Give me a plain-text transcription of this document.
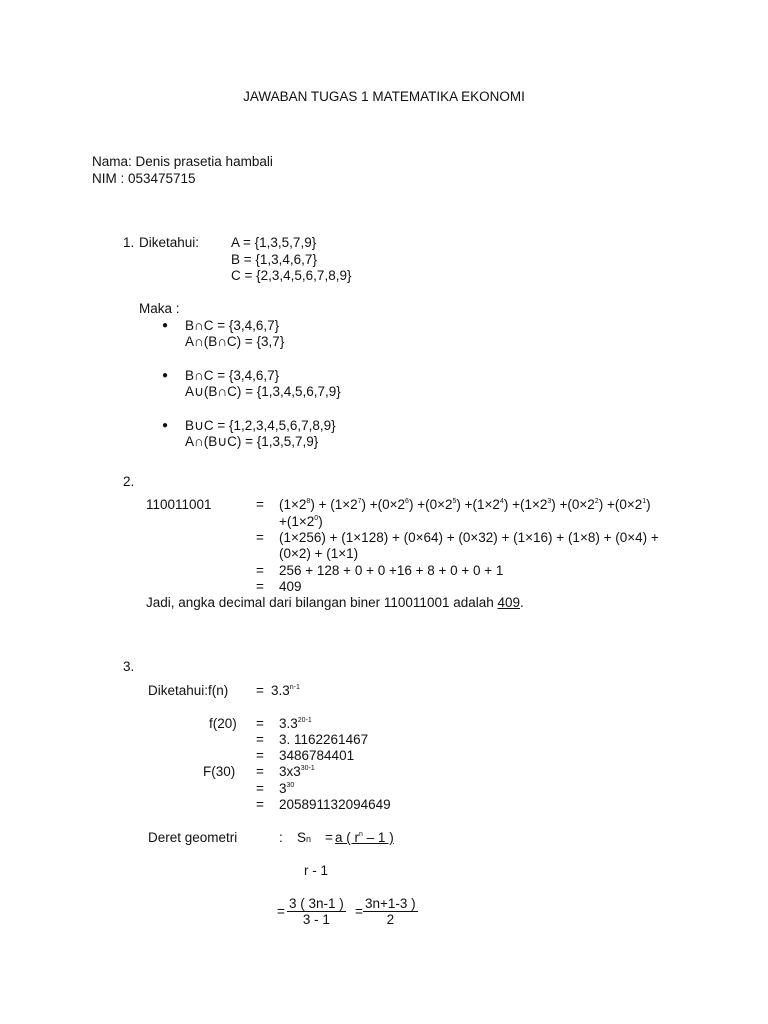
JAWABAN TUGAS 1 MATEMATIKA EKONOMI
Nama: Denis prasetia hambali
NIM : 053475715
1. Diketahui: A = {1,3,5,7,9}
B = {1,3,4,6,7}
C = {2,3,4,5,6,7,8,9}
Maka :
● B∩C = {3,4,6,7}
A∩(B∩C) = {3,7}
● B∩C = {3,4,6,7}
A∪(B∩C) = {1,3,4,5,6,7,9}
● B∪C = {1,2,3,4,5,6,7,8,9}
A∩(B∪C) = {1,3,5,7,9}
2.
110011001	= $(1\times 2^8) + (1\times 2^7) +(0\times 2^6) +(0\times 2^5) +(1\times 2^4) +(1\times 2^3) +(0\times 2^2) +(0\times 2^1)$
$+(1\times 2^0)$
= (1×256) + (1×128) + (0×64) + (0×32) + (1×16) + (1×8) + (0×4) +
(0×2) + (1×1)
= 256 + 128 + 0 + 0 +16 + 8 + 0 + 0 + 1
= 409
Jadi, angka decimal dari bilangan biner 110011001 adalah 409.
3.
Diketahui:f(n) = $3.3^{n-1}$
$f(20) = 3.3^{20-1}$
= 3. 1162261467
= 3486784401
$F(30) = 3x3^{30-1}$
= $3^{30}$
= 205891132094649
Deret geometri	: Sn = a ( $r^n - 1$ )
r - 1
= $\frac{3 ( 3n-1 )}{3 - 1} = \frac{3n+1-3 )}{2}$
